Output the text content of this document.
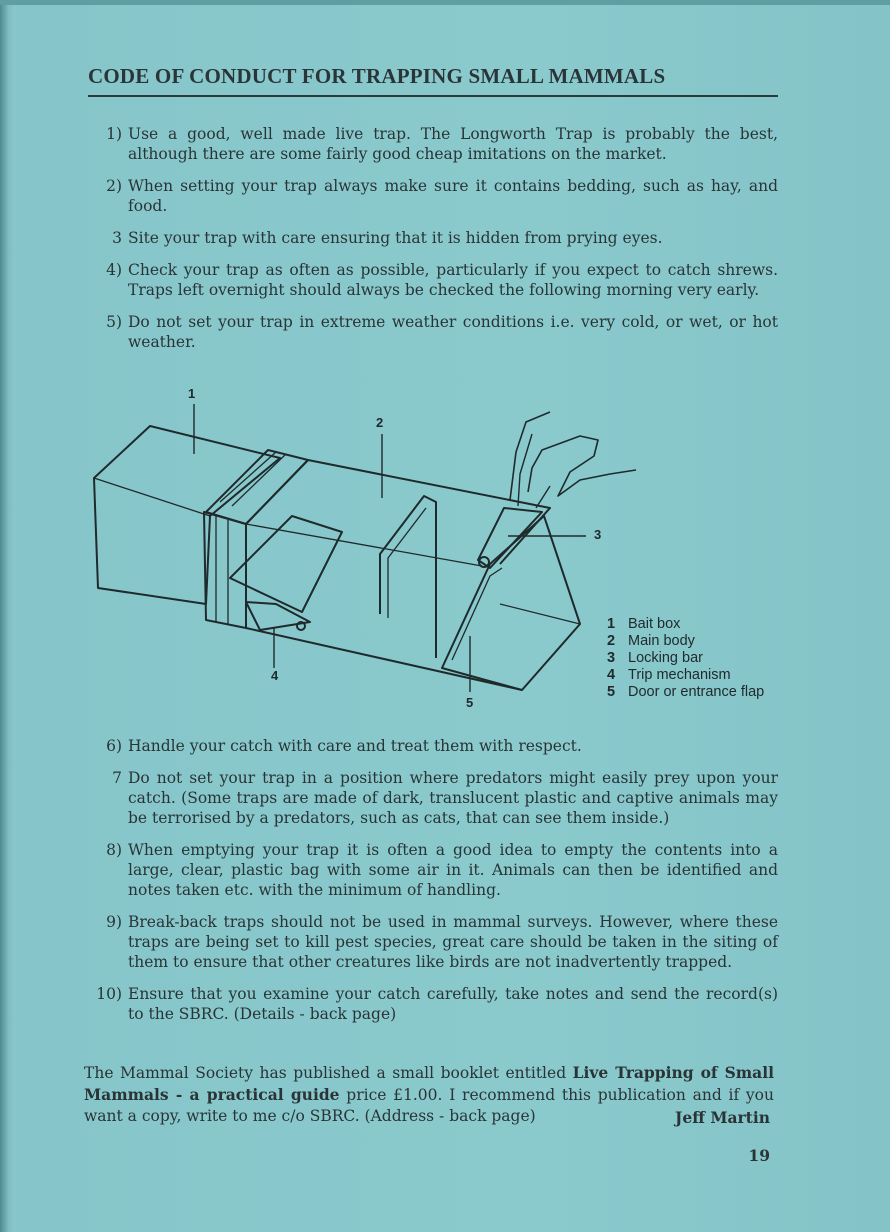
CODE OF CONDUCT FOR TRAPPING SMALL MAMMALS
1) Use a good, well made live trap. The Longworth Trap is probably the best, although there are some fairly good cheap imitations on the market.
2) When setting your trap always make sure it contains bedding, such as hay, and food.
3 Site your trap with care ensuring that it is hidden from prying eyes.
4) Check your trap as often as possible, particularly if you expect to catch shrews. Traps left overnight should always be checked the following morning very early.
5) Do not set your trap in extreme weather conditions i.e. very cold, or wet, or hot weather.
1
2
3
4
5
1 Bait box
2 Main body
3 Locking bar
4 Trip mechanism
5 Door or entrance flap
6) Handle your catch with care and treat them with respect.
7 Do not set your trap in a position where predators might easily prey upon your catch. (Some traps are made of dark, translucent plastic and captive animals may be terrorised by a predators, such as cats, that can see them inside.)
8) When emptying your trap it is often a good idea to empty the contents into a large, clear, plastic bag with some air in it. Animals can then be identified and notes taken etc. with the minimum of handling.
9) Break-back traps should not be used in mammal surveys. However, where these traps are being set to kill pest species, great care should be taken in the siting of them to ensure that other creatures like birds are not inadvertently trapped.
10) Ensure that you examine your catch carefully, take notes and send the record(s) to the SBRC. (Details - back page)

The Mammal Society has published a small booklet entitled Live Trapping of Small Mammals - a practical guide price £1.00. I recommend this publication and if you want a copy, write to me c/o SBRC. (Address - back page)	Jeff Martin
19
